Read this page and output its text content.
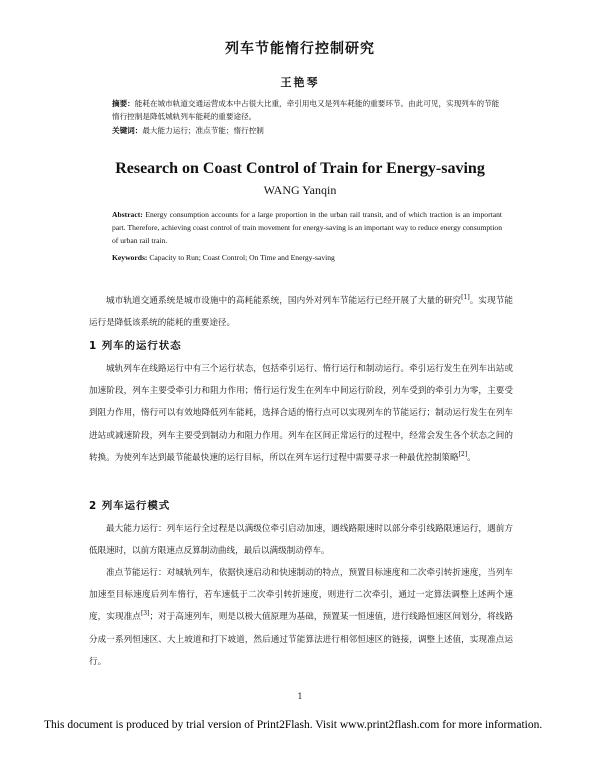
列车节能惰行控制研究
王艳琴
摘要：能耗在城市轨道交通运营成本中占很大比重，牵引用电又是列车耗能的重要环节。由此可见，实现列车的节能惰行控制是降低城轨列车能耗的重要途径。
关键词：最大能力运行；准点节能；惰行控制
Research on Coast Control of Train for Energy-saving
WANG Yanqin
Abstract: Energy consumption accounts for a large proportion in the urban rail transit, and of which traction is an important part. Therefore, achieving coast control of train movement for energy-saving is an important way to reduce energy consumption of urban rail train.
Keywords: Capacity to Run; Coast Control; On Time and Energy-saving
城市轨道交通系统是城市设施中的高耗能系统，国内外对列车节能运行已经开展了大量的研究[1]。实现节能运行是降低该系统的能耗的重要途径。
1 列车的运行状态
城轨列车在线路运行中有三个运行状态，包括牵引运行、惰行运行和制动运行。牵引运行发生在列车出站或加速阶段，列车主要受牵引力和阻力作用；惰行运行发生在列车中间运行阶段，列车受到的牵引力为零，主要受到阻力作用，惰行可以有效地降低列车能耗，选择合适的惰行点可以实现列车的节能运行；制动运行发生在列车进站或减速阶段，列车主要受到制动力和阻力作用。列车在区间正常运行的过程中，经常会发生各个状态之间的转换。为使列车达到最节能最快速的运行目标，所以在列车运行过程中需要寻求一种最优控制策略[2]。
2 列车运行模式
最大能力运行：列车运行全过程是以满级位牵引启动加速，遇线路限速时以部分牵引线路限速运行，遇前方低限速时，以前方限速点反算制动曲线，最后以满级制动停车。
准点节能运行：对城轨列车，依据快速启动和快速制动的特点，预置目标速度和二次牵引转折速度，当列车加速至目标速度后列车惰行，若车速低于二次牵引转折速度，则进行二次牵引，通过一定算法调整上述两个速度，实现准点[3]；对于高速列车，则是以极大值原理为基础，预置某一恒速值，进行线路恒速区间划分，将线路分成一系列恒速区、大上坡道和打下坡道，然后通过节能算法进行相邻恒速区的链接，调整上述值，实现准点运行。
1
This document is produced by trial version of Print2Flash. Visit www.print2flash.com for more information.
